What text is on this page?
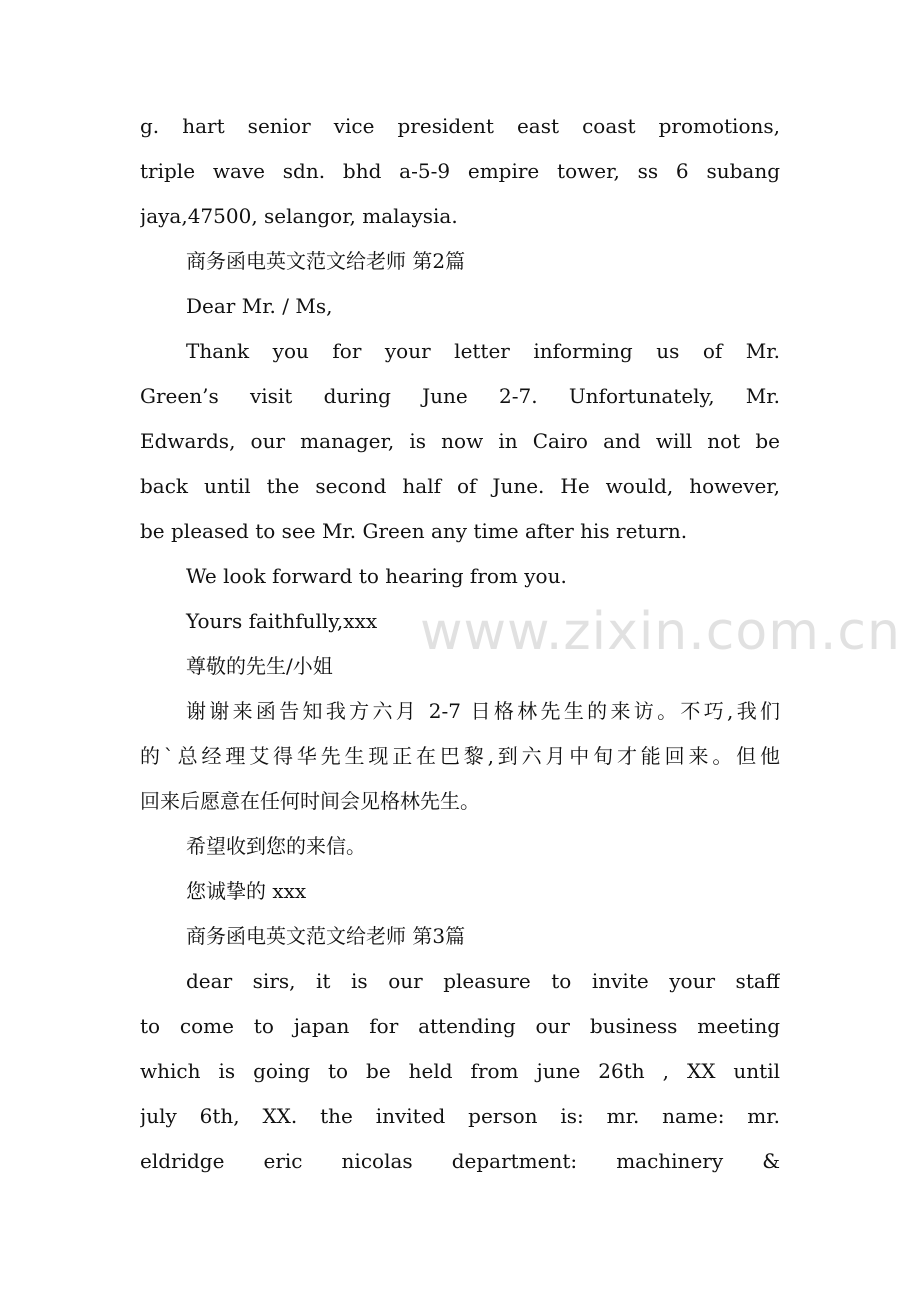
g. hart senior vice president east coast promotions,
triple wave sdn. bhd a-5-9 empire tower, ss 6 subang
jaya,47500, selangor, malaysia.
商务函电英文范文给老师 第2篇
Dear Mr. / Ms,
Thank you for your letter informing us of Mr.
Green’s visit during June 2-7. Unfortunately, Mr.
Edwards, our manager, is now in Cairo and will not be
back until the second half of June. He would, however,
be pleased to see Mr. Green any time after his return.
We look forward to hearing from you.
Yours faithfully,xxx
尊敬的先生/小姐
谢谢来函告知我方六月 2-7 日格林先生的来访。不巧,我们
的`总经理艾得华先生现正在巴黎,到六月中旬才能回来。但他
回来后愿意在任何时间会见格林先生。
希望收到您的来信。
您诚挚的 xxx
商务函电英文范文给老师 第3篇
dear sirs, it is our pleasure to invite your staff
to come to japan for attending our business meeting
which is going to be held from june 26th , XX until
july 6th, XX. the invited person is: mr. name: mr.
eldridge eric nicolas department: machinery &
www.zixin.com.cn
